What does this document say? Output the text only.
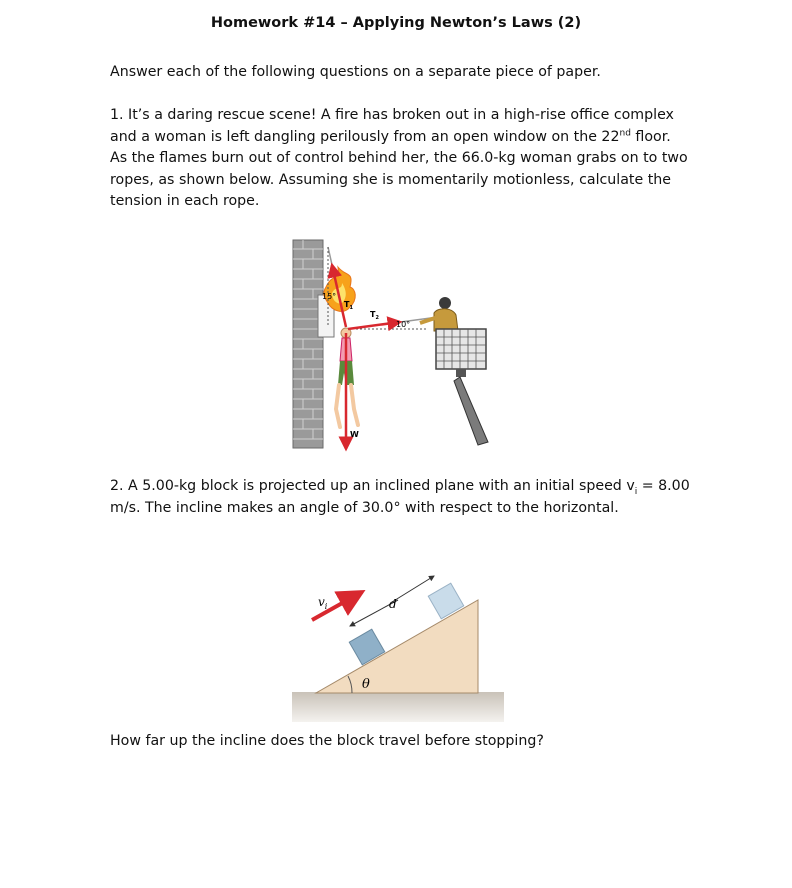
Homework #14 – Applying Newton’s Laws (2)

Answer each of the following questions on a separate piece of paper.

1. It’s a daring rescue scene! A fire has broken out in a high-rise office complex and a woman is left dangling perilously from an open window on the 22nd floor. As the flames burn out of control behind her, the 66.0-kg woman grabs on to two ropes, as shown below. Assuming she is momentarily motionless, calculate the tension in each rope.

15°
$T_1$
$T_2$
10°
W

2. A 5.00-kg block is projected up an inclined plane with an initial speed $v_i = 8.00$ m/s. The incline makes an angle of 30.0° with respect to the horizontal.

θ
$v_i$	d

How far up the incline does the block travel before stopping?
